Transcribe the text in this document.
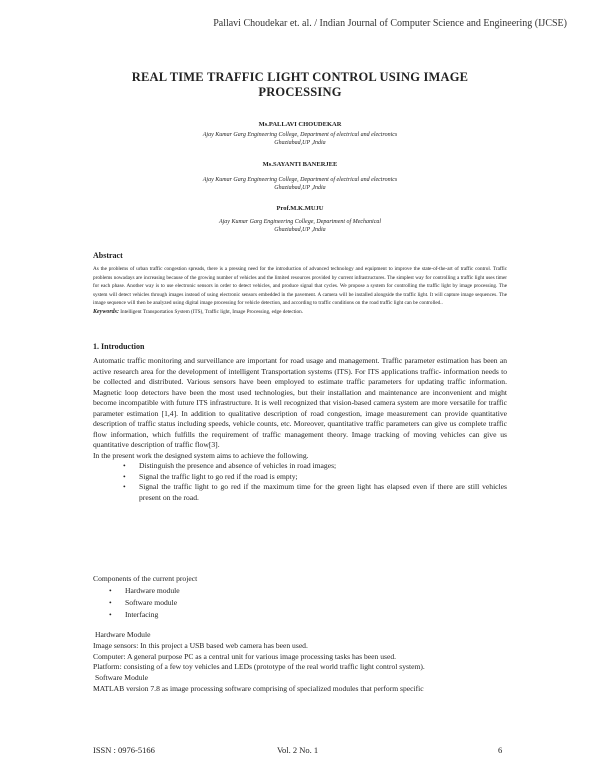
Pallavi Choudekar et. al. / Indian Journal of Computer Science and Engineering (IJCSE)
REAL TIME TRAFFIC LIGHT CONTROL USING IMAGE
PROCESSING
Ms.PALLAVI CHOUDEKAR
Ajay Kumar Garg Engineering College, Department of electrical and electronics
Ghaziabad,UP ,India
Ms.SAYANTI BANERJEE
Ajay Kumar Garg Engineering College, Department of electrical and electronics
Ghaziabad,UP ,India
Prof.M.K.MUJU
Ajay Kumar Garg Engineering College, Department of Mechanical
Ghaziabad,UP ,India
Abstract
As the problems of urban traffic congestion spreads, there is a pressing need for the introduction of advanced technology and equipment to improve the state-of-the-art of traffic control. Traffic problems nowadays are increasing because of the growing number of vehicles and the limited resources provided by current infrastructures. The simplest way for controlling a traffic light uses timer for each phase. Another way is to use electronic sensors in order to detect vehicles, and produce signal that cycles. We propose a system for controlling the traffic light by image processing. The system will detect vehicles through images instead of using electronic sensors embedded in the pavement. A camera will be installed alongside the traffic light. It will capture image sequences. The image sequence will then be analyzed using digital image processing for vehicle detection, and according to traffic conditions on the road traffic light can be controlled..
Keywords: Intelligent Transportation System (ITS), Traffic light, Image Processing, edge detection.
1. Introduction

Automatic traffic monitoring and surveillance are important for road usage and management. Traffic parameter estimation has been an active research area for the development of intelligent Transportation systems (ITS). For ITS applications traffic- information needs to be collected and distributed. Various sensors have been employed to estimate traffic parameters for updating traffic information. Magnetic loop detectors have been the most used technologies, but their installation and maintenance are inconvenient and might become incompatible with future ITS infrastructure. It is well recognized that vision-based camera system are more versatile for traffic parameter estimation [1,4]. In addition to qualitative description of road congestion, image measurement can provide quantitative description of traffic status including speeds, vehicle counts, etc. Moreover, quantitative traffic parameters can give us complete traffic flow information, which fulfills the requirement of traffic management theory. Image tracking of moving vehicles can give us quantitative description of traffic flow[3].

In the present work the designed system aims to achieve the following.

• Distinguish the presence and absence of vehicles in road images;
• Signal the traffic light to go red if the road is empty;
• Signal the traffic light to go red if the maximum time for the green light has elapsed even if there are still vehicles present on the road.
Components of the current project
• Hardware module
• Software module
• Interfacing

Hardware Module

Image sensors: In this project a USB based web camera has been used.

Computer: A general purpose PC as a central unit for various image processing tasks has been used.

Platform: consisting of a few toy vehicles and LEDs (prototype of the real world traffic light control system).

Software Module

MATLAB version 7.8 as image processing software comprising of specialized modules that perform specific

ISSN : 0976-5166	Vol. 2 No. 1	6
